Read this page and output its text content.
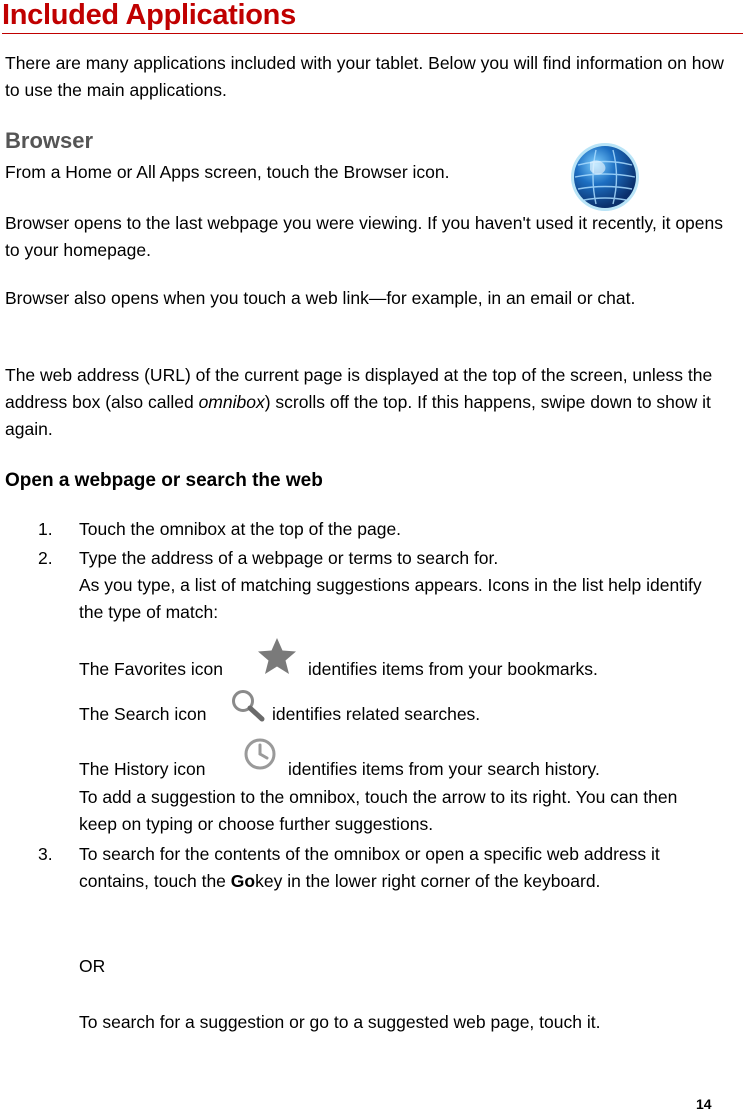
Included Applications
There are many applications included with your tablet. Below you will find information on how to use the main applications.
Browser
From a Home or All Apps screen, touch the Browser icon.
Browser opens to the last webpage you were viewing. If you haven't used it recently, it opens to your homepage.
Browser also opens when you touch a web link—for example, in an email or chat.
The web address (URL) of the current page is displayed at the top of the screen, unless the address box (also called omnibox) scrolls off the top. If this happens, swipe down to show it again.
Open a webpage or search the web
1. Touch the omnibox at the top of the page.
2. Type the address of a webpage or terms to search for.
As you type, a list of matching suggestions appears. Icons in the list help identify the type of match:
The Favorites icon	identifies items from your bookmarks.
The Search icon	identifies related searches.
The History icon	identifies items from your search history.
To add a suggestion to the omnibox, touch the arrow to its right. You can then keep on typing or choose further suggestions.
3. To search for the contents of the omnibox or open a specific web address it contains, touch the Gokey in the lower right corner of the keyboard.
OR
To search for a suggestion or go to a suggested web page, touch it.
14
